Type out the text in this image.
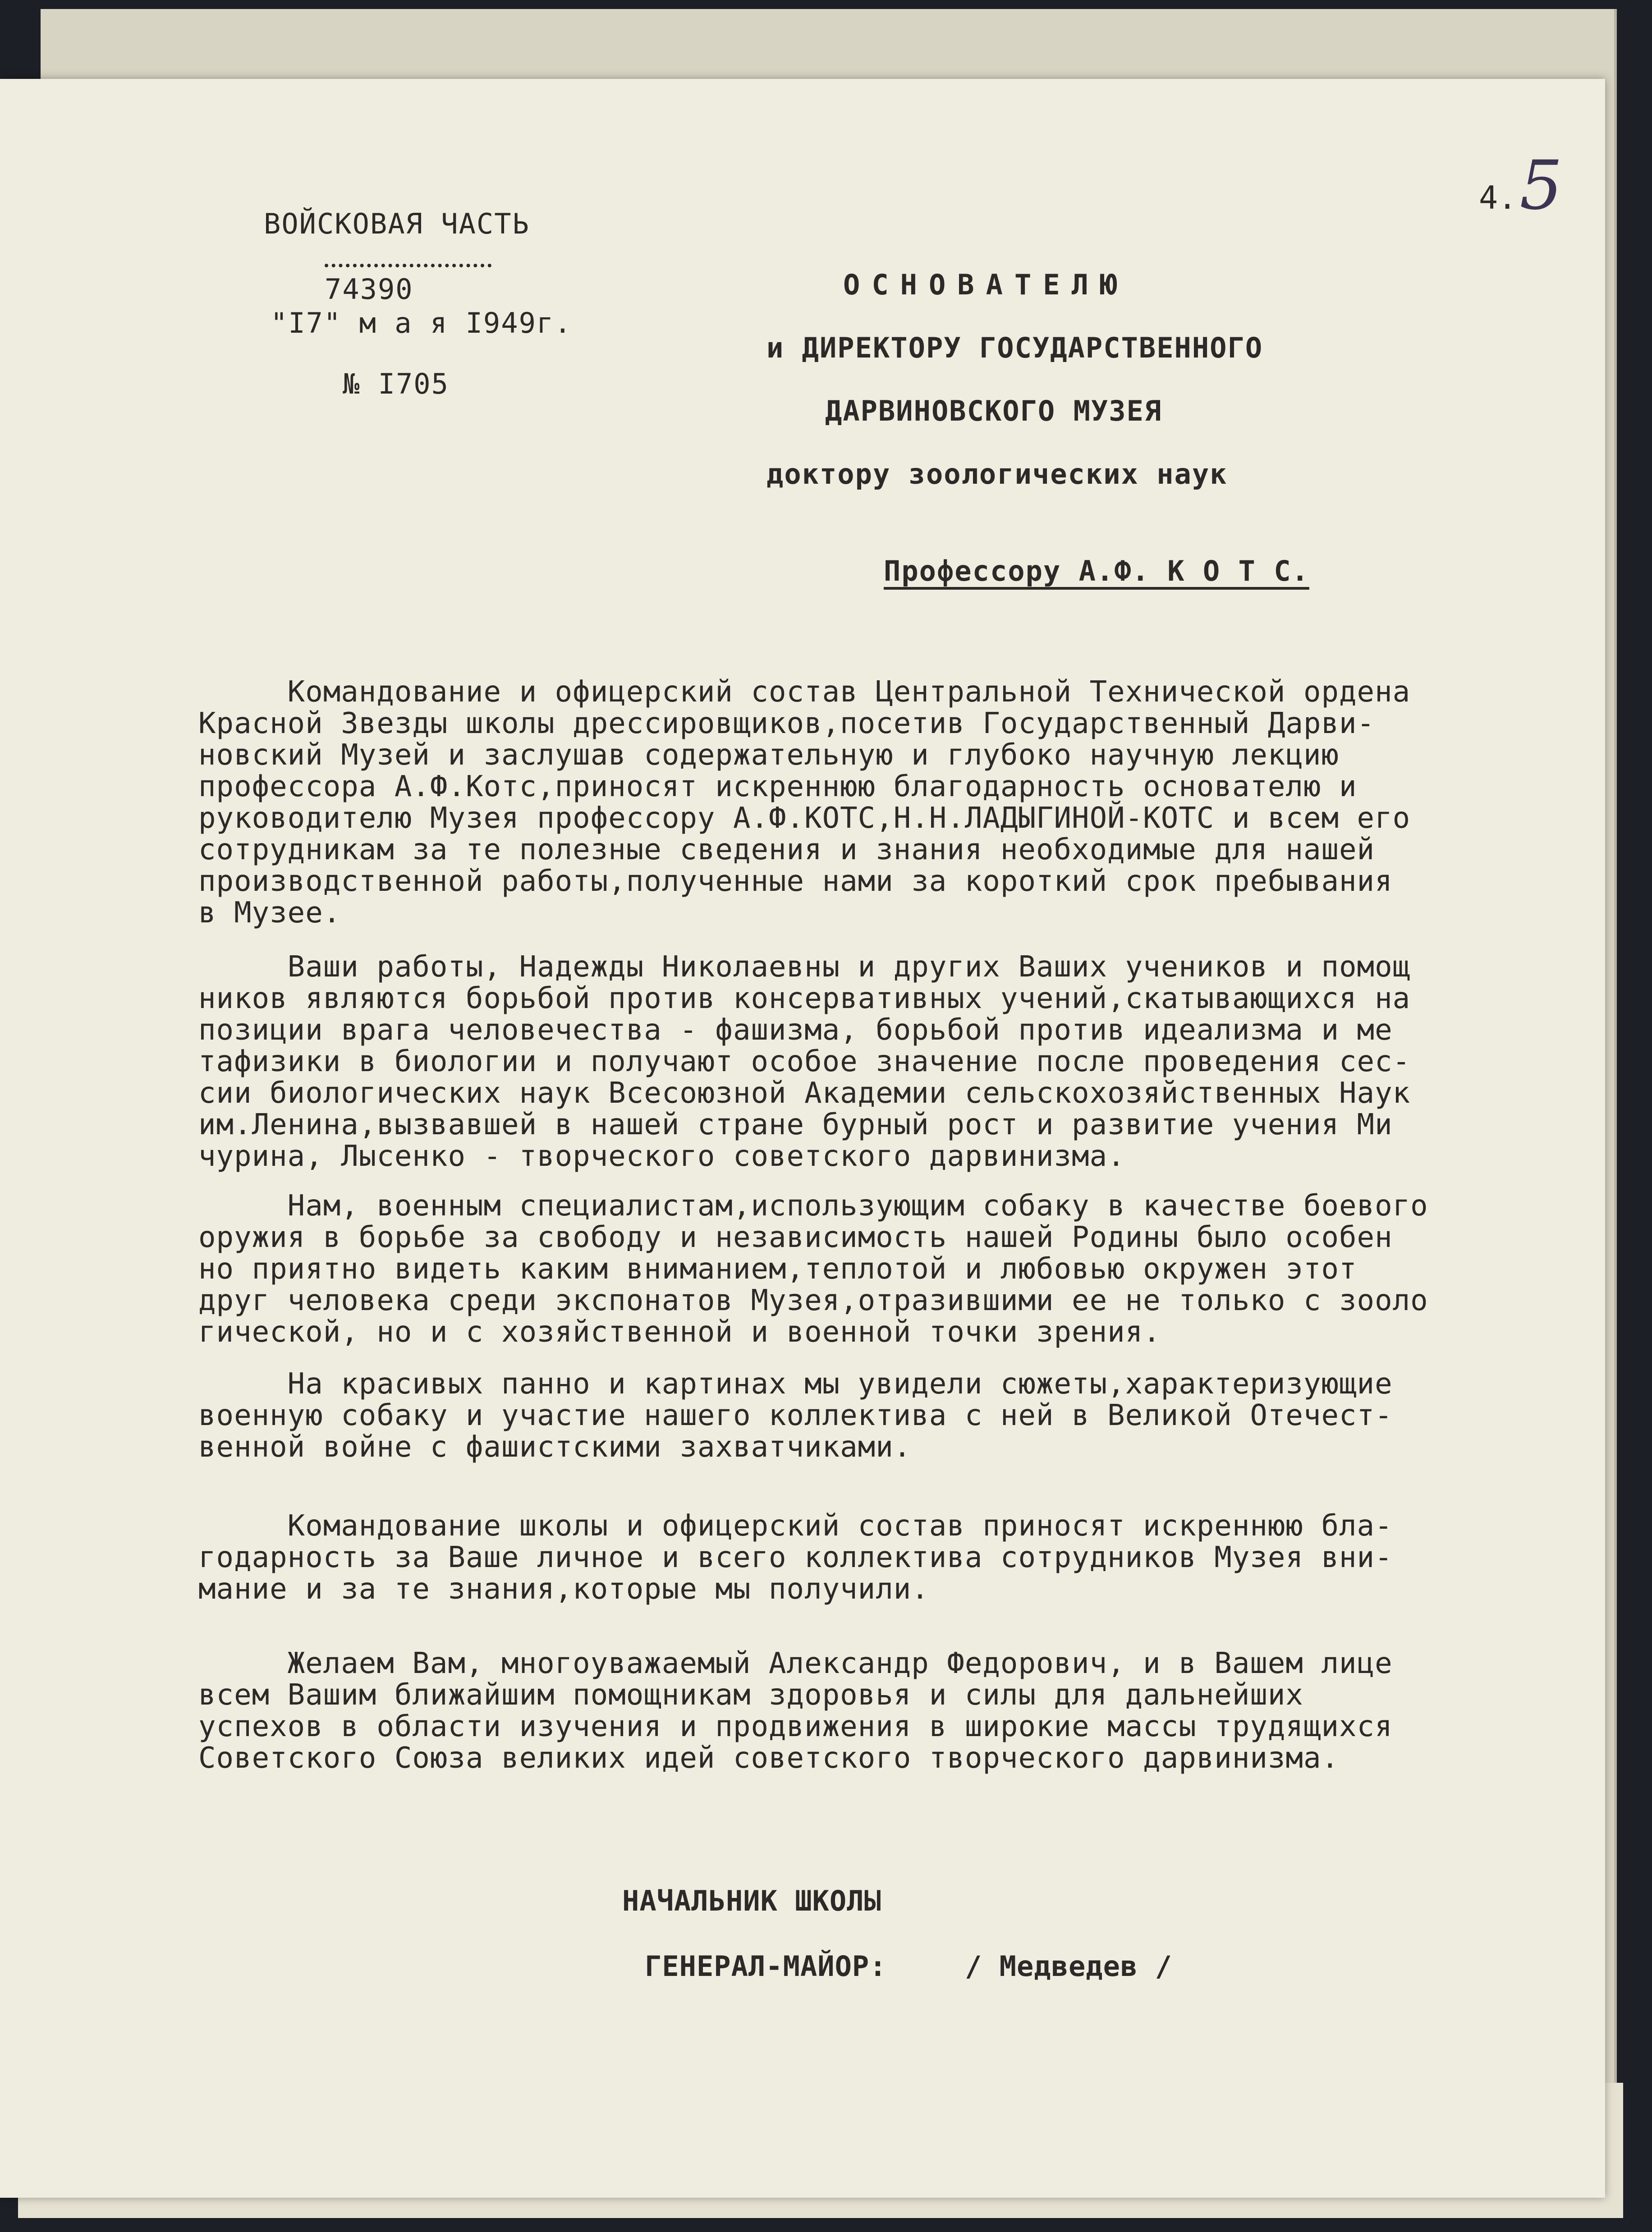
4.5
ВОЙСКОВАЯ ЧАСТЬ
74390
"I7" м а я I949г.
№ I705
ОСНОВАТЕЛЮ
и ДИРЕКТОРУ ГОСУДАРСТВЕННОГО
ДАРВИНОВСКОГО МУЗЕЯ
доктору зоологических наук
Профессору А.Ф. К О Т С.
Командование и офицерский состав Центральной Технической ордена
Красной Звезды школы дрессировщиков,посетив Государственный Дарви-
новский Музей и заслушав содержательную и глубоко научную лекцию
профессора А.Ф.Котс,приносят искреннюю благодарность основателю и
руководителю Музея профессору А.Ф.КОТС,Н.Н.ЛАДЫГИНОЙ-КОТС и всем его
сотрудникам за те полезные сведения и знания необходимые для нашей
производственной работы,полученные нами за короткий срок пребывания
в Музее.
Ваши работы, Надежды Николаевны и других Ваших учеников и помощ
ников являются борьбой против консервативных учений,скатывающихся на
позиции врага человечества - фашизма, борьбой против идеализма и ме
тафизики в биологии и получают особое значение после проведения сес-
сии биологических наук Всесоюзной Академии сельскохозяйственных Наук
им.Ленина,вызвавшей в нашей стране бурный рост и развитие учения Ми
чурина, Лысенко - творческого советского дарвинизма.
Нам, военным специалистам,использующим собаку в качестве боевого
оружия в борьбе за свободу и независимость нашей Родины было особен
но приятно видеть каким вниманием,теплотой и любовью окружен этот
друг человека среди экспонатов Музея,отразившими ее не только с зооло
гической, но и с хозяйственной и военной точки зрения.
На красивых панно и картинах мы увидели сюжеты,характеризующие
военную собаку и участие нашего коллектива с ней в Великой Отечест-
венной войне с фашистскими захватчиками.
Командование школы и офицерский состав приносят искреннюю бла-
годарность за Ваше личное и всего коллектива сотрудников Музея вни-
мание и за те знания,которые мы получили.
Желаем Вам, многоуважаемый Александр Федорович, и в Вашем лице
всем Вашим ближайшим помощникам здоровья и силы для дальнейших
успехов в области изучения и продвижения в широкие массы трудящихся
Советского Союза великих идей советского творческого дарвинизма.
НАЧАЛЬНИК ШКОЛЫ
ГЕНЕРАЛ-МАЙОР:	/ Медведев /
